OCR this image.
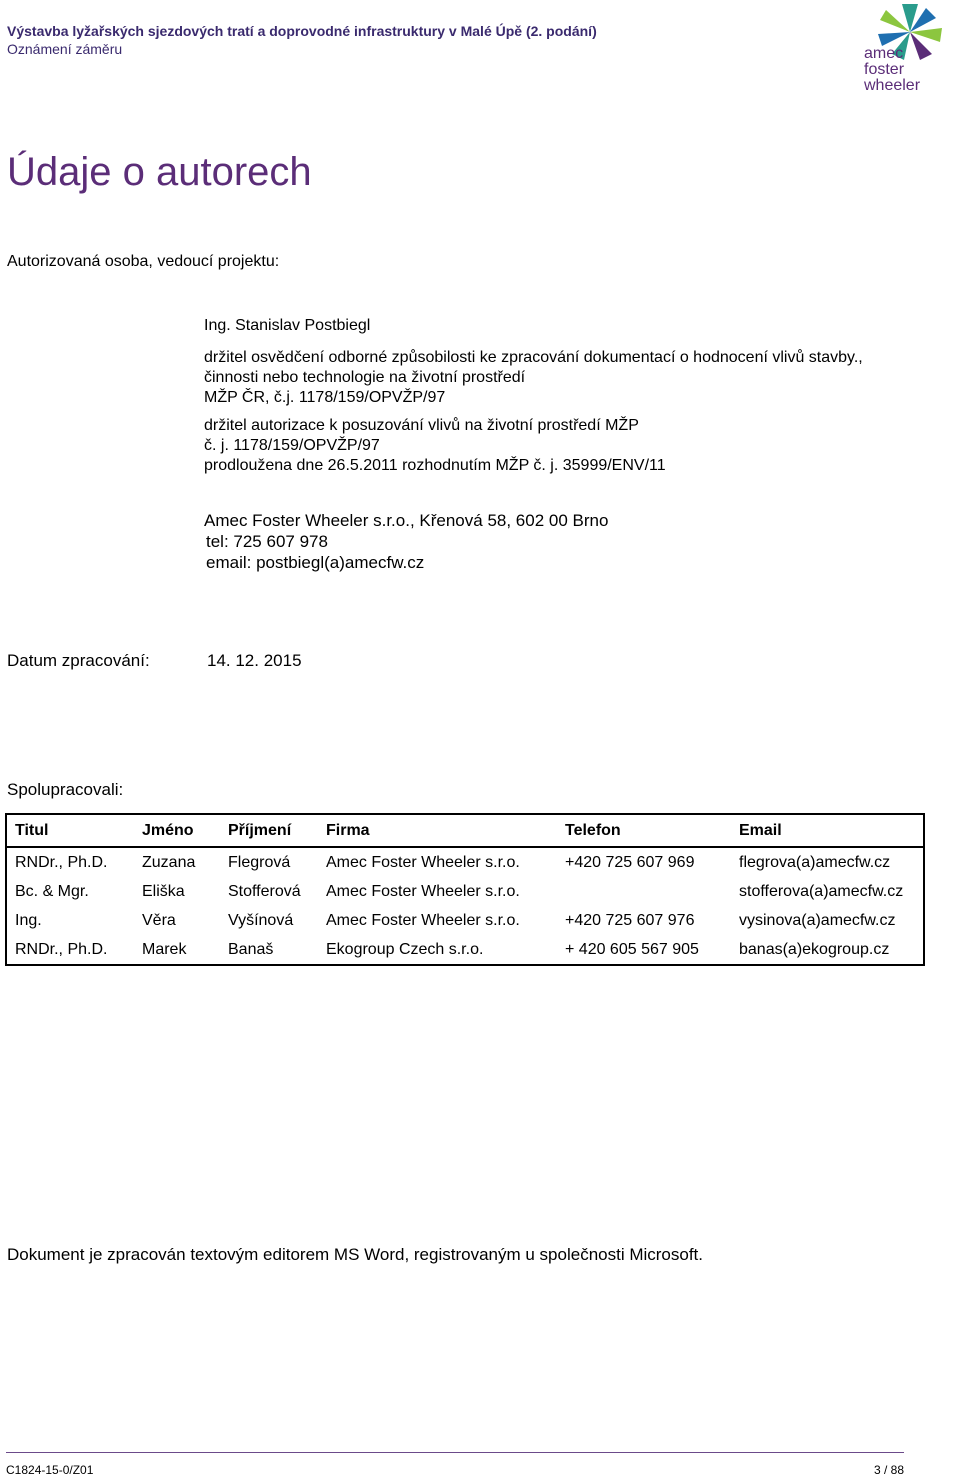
Výstavba lyžařských sjezdových tratí a doprovodné infrastruktury v Malé Úpě (2. podání)
Oznámení záměru	amec
foster
wheeler
Údaje o autorech
Autorizovaná osoba, vedoucí projektu:
Ing. Stanislav Postbiegl
držitel osvědčení odborné způsobilosti ke zpracování dokumentací o hodnocení vlivů stavby.,
činnosti nebo technologie na životní prostředí
MŽP ČR, č.j. 1178/159/OPVŽP/97
držitel autorizace k posuzování vlivů na životní prostředí MŽP
č. j. 1178/159/OPVŽP/97
prodloužena dne 26.5.2011 rozhodnutím MŽP č. j. 35999/ENV/11
Amec Foster Wheeler s.r.o., Křenová 58, 602 00 Brno
tel: 725 607 978
email: postbiegl(a)amecfw.cz
Datum zpracování:	14. 12. 2015
Spolupracovali:
Titul	Jméno	Příjmení	Firma	Telefon	Email
RNDr., Ph.D.	Zuzana	Flegrová	Amec Foster Wheeler s.r.o.	+420 725 607 969	flegrova(a)amecfw.cz
Bc. & Mgr.	Eliška	Stofferová	Amec Foster Wheeler s.r.o.		stofferova(a)amecfw.cz
Ing.	Věra	Vyšínová	Amec Foster Wheeler s.r.o.	+420 725 607 976	vysinova(a)amecfw.cz
RNDr., Ph.D.	Marek	Banaš	Ekogroup Czech s.r.o.	+ 420 605 567 905	banas(a)ekogroup.cz
Dokument je zpracován textovým editorem MS Word, registrovaným u společnosti Microsoft.
C1824-15-0/Z01	3 / 88
